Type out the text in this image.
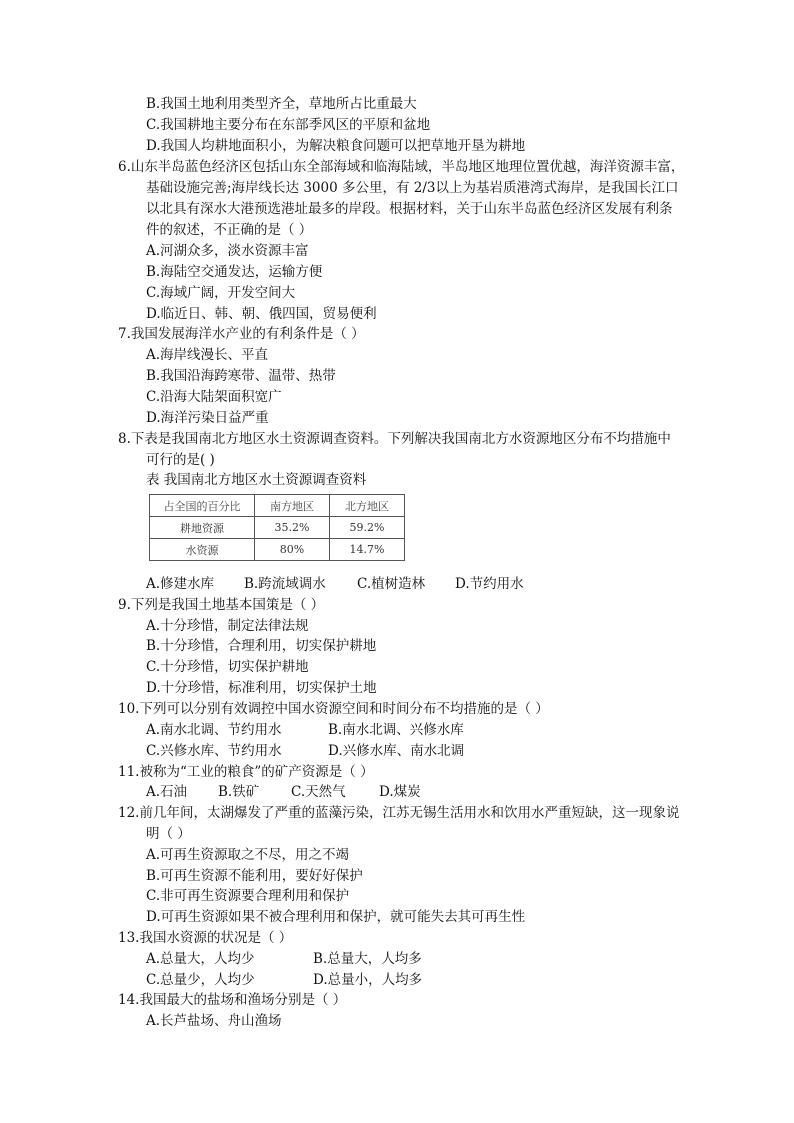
B.我国土地利用类型齐全，草地所占比重最大
C.我国耕地主要分布在东部季风区的平原和盆地
D.我国人均耕地面积小，为解决粮食问题可以把草地开垦为耕地
6.山东半岛蓝色经济区包括山东全部海域和临海陆域，半岛地区地理位置优越，海洋资源丰富，
基础设施完善;海岸线长达 3000 多公里，有 2/3以上为基岩质港湾式海岸，是我国长江口
以北具有深水大港预选港址最多的岸段。根据材料，关于山东半岛蓝色经济区发展有利条
件的叙述，不正确的是（ ）
A.河湖众多，淡水资源丰富
B.海陆空交通发达，运输方便
C.海域广阔，开发空间大
D.临近日、韩、朝、俄四国，贸易便利
7.我国发展海洋水产业的有利条件是（ ）
A.海岸线漫长、平直
B.我国沿海跨寒带、温带、热带
C.沿海大陆架面积宽广
D.海洋污染日益严重
8.下表是我国南北方地区水土资源调查资料。下列解决我国南北方水资源地区分布不均措施中
可行的是( )
表 我国南北方地区水土资源调查资料
占全国的百分比	南方地区	北方地区
耕地资源	35.2%	59.2%
水资源	80%	14.7%
A.修建水库 B.跨流域调水 C.植树造林 D.节约用水
9.下列是我国土地基本国策是（ ）
A.十分珍惜，制定法律法规
B.十分珍惜，合理利用，切实保护耕地
C.十分珍惜，切实保护耕地
D.十分珍惜，标准利用，切实保护土地
10.下列可以分别有效调控中国水资源空间和时间分布不均措施的是（ ）
A.南水北调、节约用水	B.南水北调、兴修水库
C.兴修水库、节约用水	D.兴修水库、南水北调
11.被称为“工业的粮食”的矿产资源是（ ）
A.石油 B.铁矿 C.天然气 D.煤炭
12.前几年间，太湖爆发了严重的蓝藻污染，江苏无锡生活用水和饮用水严重短缺，这一现象说
明（ ）
A.可再生资源取之不尽，用之不竭
B.可再生资源不能利用，要好好保护
C.非可再生资源要合理利用和保护
D.可再生资源如果不被合理利用和保护，就可能失去其可再生性
13.我国水资源的状况是（ ）
A.总量大，人均少	B.总量大，人均多
C.总量少，人均少	D.总量小，人均多
14.我国最大的盐场和渔场分别是（ ）
A.长芦盐场、舟山渔场
